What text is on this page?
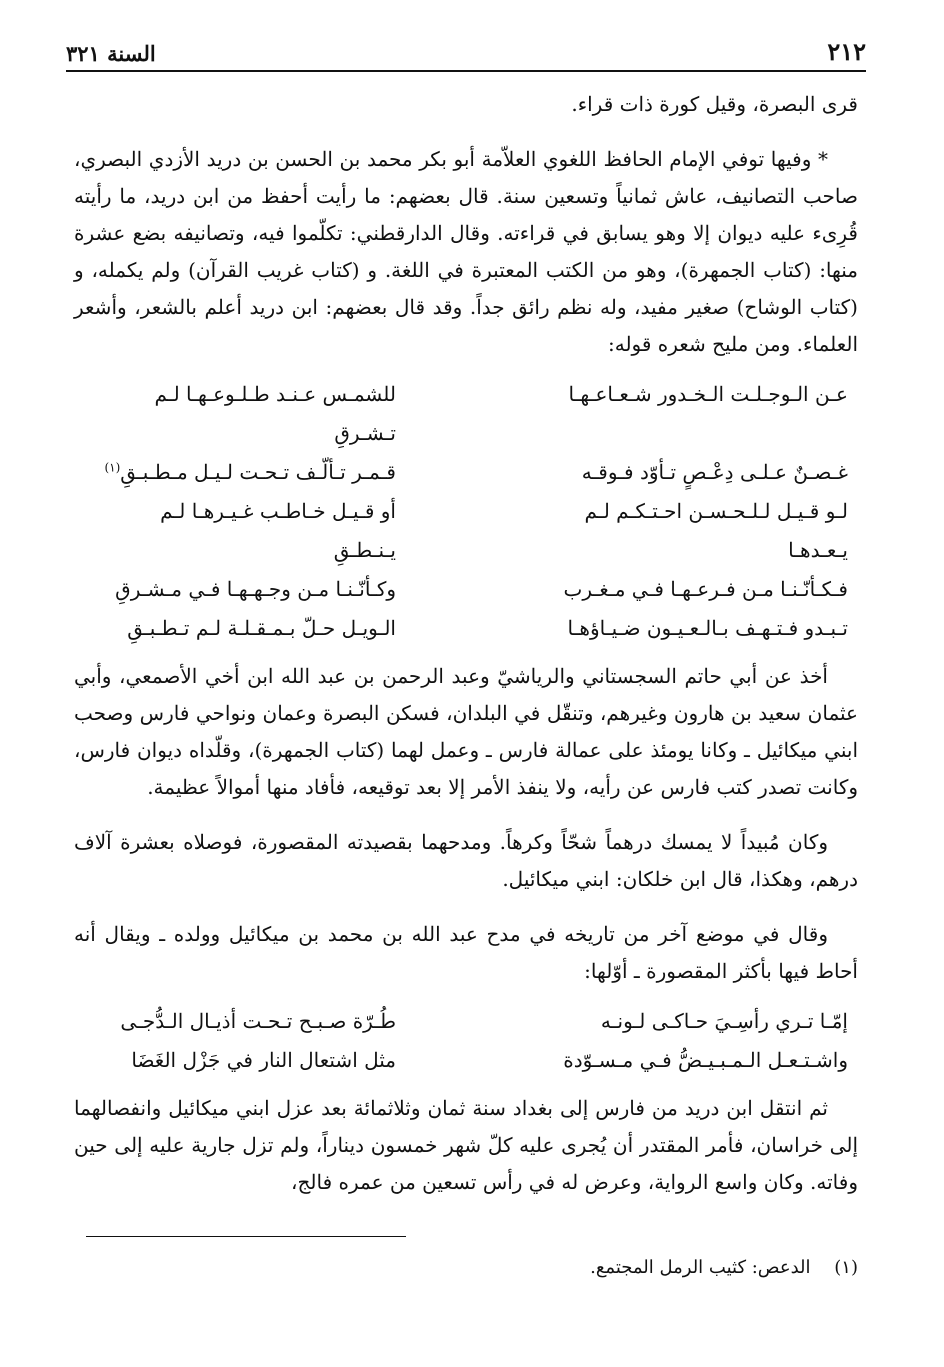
٢١٢
السنة ٣٢١

قرى البصرة، وقيل كورة ذات قراء.

* وفيها توفي الإمام الحافظ اللغوي العلاّمة أبو بكر محمد بن الحسن بن دريد الأزدي البصري، صاحب التصانيف، عاش ثمانياً وتسعين سنة. قال بعضهم: ما رأيت أحفظ من ابن دريد، ما رأيته قُرِىء عليه ديوان إلا وهو يسابق في قراءته. وقال الدارقطني: تكلّموا فيه، وتصانيفه بضع عشرة منها: (كتاب الجمهرة)، وهو من الكتب المعتبرة في اللغة. و (كتاب غريب القرآن) ولم يكمله، و (كتاب الوشاح) صغير مفيد، وله نظم رائق جداً. وقد قال بعضهم: ابن دريد أعلم بالشعر، وأشعر العلماء. ومن مليح شعره قوله:

عـن الـوجـلـت الـخـدور شـعـاعـهـا
للشمـس عـنـد طـلـوعـهـا لـم تـشـرقِ
غـصـنٌ عـلـى دِعْـصٍ تـأوّد فـوقـه
قـمـر تـألّـف تـحـت لـيـل مـطـبـقِ$^{(١)}$
لـو قـيـل لـلـحـسـن احـتـكـم لـم يـعـدهـا
أو قـيـل خـاطـب غـيـرهـا لـم يـنـطـقِ
فـكـأنّـنـا مـن فـرعـهـا فـي مـغـرب
وكـأنّـنـا مـن وجـهـهـا فـي مـشـرقِ
تـبـدو فـتـهـف بـالـعـيـون ضـيـاؤهـا
الـويـل حـلّ بـمـقـلـة لـم تـطـبـقِ

أخذ عن أبي حاتم السجستاني والرياشيّ وعبد الرحمن بن عبد الله ابن أخي الأصمعي، وأبي عثمان سعيد بن هارون وغيرهم، وتنقّل في البلدان، فسكن البصرة وعمان ونواحي فارس وصحب ابني ميكائيل ـ وكانا يومئذ على عمالة فارس ـ وعمل لهما (كتاب الجمهرة)، وقلّداه ديوان فارس، وكانت تصدر كتب فارس عن رأيه، ولا ينفذ الأمر إلا بعد توقيعه، فأفاد منها أموالاً عظيمة.

وكان مُبيداً لا يمسك درهماً شحّاً وكرهاً. ومدحهما بقصيدته المقصورة، فوصلاه بعشرة آلاف درهم، وهكذا، قال ابن خلكان: ابني ميكائيل.

وقال في موضع آخر من تاريخه في مدح عبد الله بن محمد بن ميكائيل وولده ـ ويقال أنه أحاط فيها بأكثر المقصورة ـ أوّلها:

إمّـا تـري رأسِـيَ حـاكـى لـونـه
طُـرّة صـبـح تـحـت أذيـال الـدُّجـى
واشـتـعـل الـمـبـيـضُّ فـي مـسـوّدة
مثل اشتعال النار في جَزْل الغَضَا

ثم انتقل ابن دريد من فارس إلى بغداد سنة ثمان وثلاثمائة بعد عزل ابني ميكائيل وانفصالهما إلى خراسان، فأمر المقتدر أن يُجرى عليه كلّ شهر خمسون ديناراً، ولم تزل جارية عليه إلى حين وفاته. وكان واسع الرواية، وعرض له في رأس تسعين من عمره فالج،

(١) الدعص: كثيب الرمل المجتمع.
